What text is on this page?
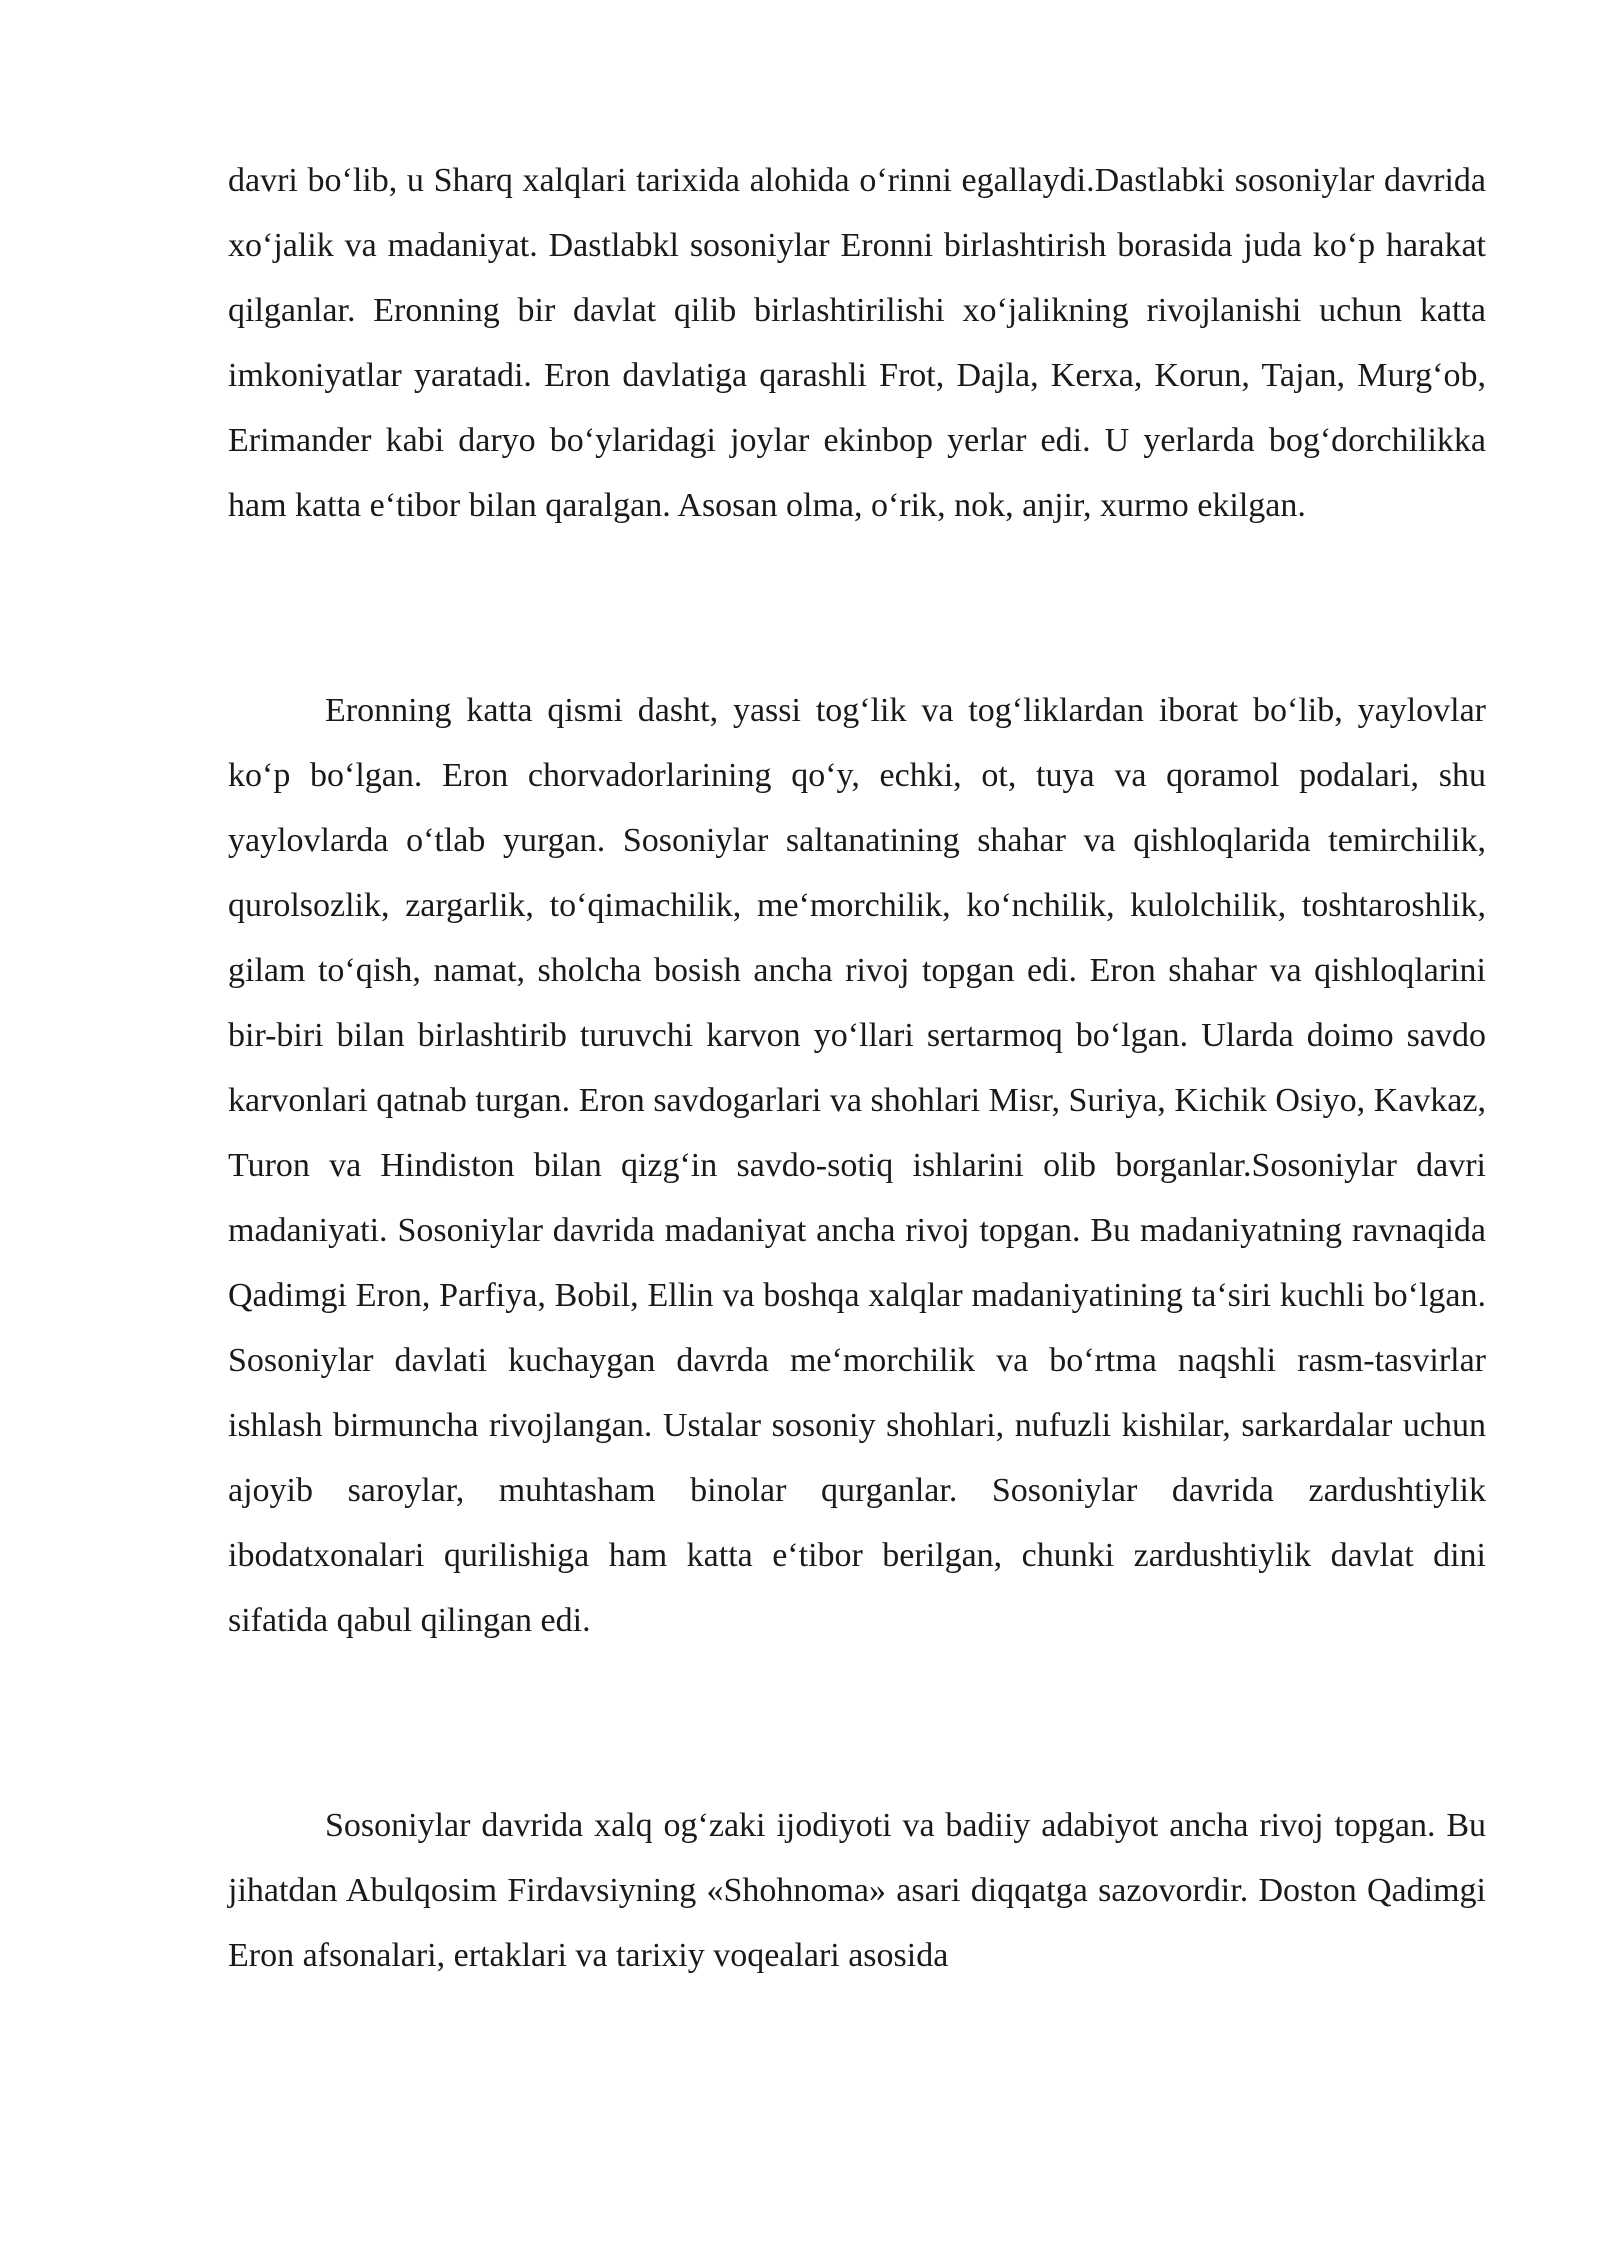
davri bo‘lib, u Sharq xalqlari tarixida alohida o‘rinni egallaydi.Dastlabki sosoniylar davrida xo‘jalik va madaniyat. Dastlabkl sosoniylar Eronni birlashtirish borasida juda ko‘p harakat qilganlar. Eronning bir davlat qilib birlashtirilishi xo‘jalikning rivojlanishi uchun katta imkoniyatlar yaratadi. Eron davlatiga qarashli Frot, Dajla, Kerxa, Korun, Tajan, Murg‘ob, Erimander kabi daryo bo‘ylaridagi joylar ekinbop yerlar edi. U yerlarda bog‘dorchilikka ham katta e‘tibor bilan qaralgan. Asosan olma, o‘rik, nok, anjir, xurmo ekilgan.

Eronning katta qismi dasht, yassi tog‘lik va tog‘liklardan iborat bo‘lib, yaylovlar ko‘p bo‘lgan. Eron chorvadorlarining qo‘y, echki, ot, tuya va qoramol podalari, shu yaylovlarda o‘tlab yurgan. Sosoniylar saltanatining shahar va qishloqlarida temirchilik, qurolsozlik, zargarlik, to‘qimachilik, me‘morchilik, ko‘nchilik, kulolchilik, toshtaroshlik, gilam to‘qish, namat, sholcha bosish ancha rivoj topgan edi. Eron shahar va qishloqlarini bir-biri bilan birlashtirib turuvchi karvon yo‘llari sertarmoq bo‘lgan. Ularda doimo savdo karvonlari qatnab turgan. Eron savdogarlari va shohlari Misr, Suriya, Kichik Osiyo, Kavkaz, Turon va Hindiston bilan qizg‘in savdo-sotiq ishlarini olib borganlar.Sosoniylar davri madaniyati. Sosoniylar davrida madaniyat ancha rivoj topgan. Bu madaniyatning ravnaqida Qadimgi Eron, Parfiya, Bobil, Ellin va boshqa xalqlar madaniyatining ta‘siri kuchli bo‘lgan. Sosoniylar davlati kuchaygan davrda me‘morchilik va bo‘rtma naqshli rasm-tasvirlar ishlash birmuncha rivojlangan. Ustalar sosoniy shohlari, nufuzli kishilar, sarkardalar uchun ajoyib saroylar, muhtasham binolar qurganlar. Sosoniylar davrida zardushtiylik ibodatxonalari qurilishiga ham katta e‘tibor berilgan, chunki zardushtiylik davlat dini sifatida qabul qilingan edi.

Sosoniylar davrida xalq og‘zaki ijodiyoti va badiiy adabiyot ancha rivoj topgan. Bu jihatdan Abulqosim Firdavsiyning «Shohnoma» asari diqqatga sazovordir. Doston Qadimgi Eron afsonalari, ertaklari va tarixiy voqealari asosida
